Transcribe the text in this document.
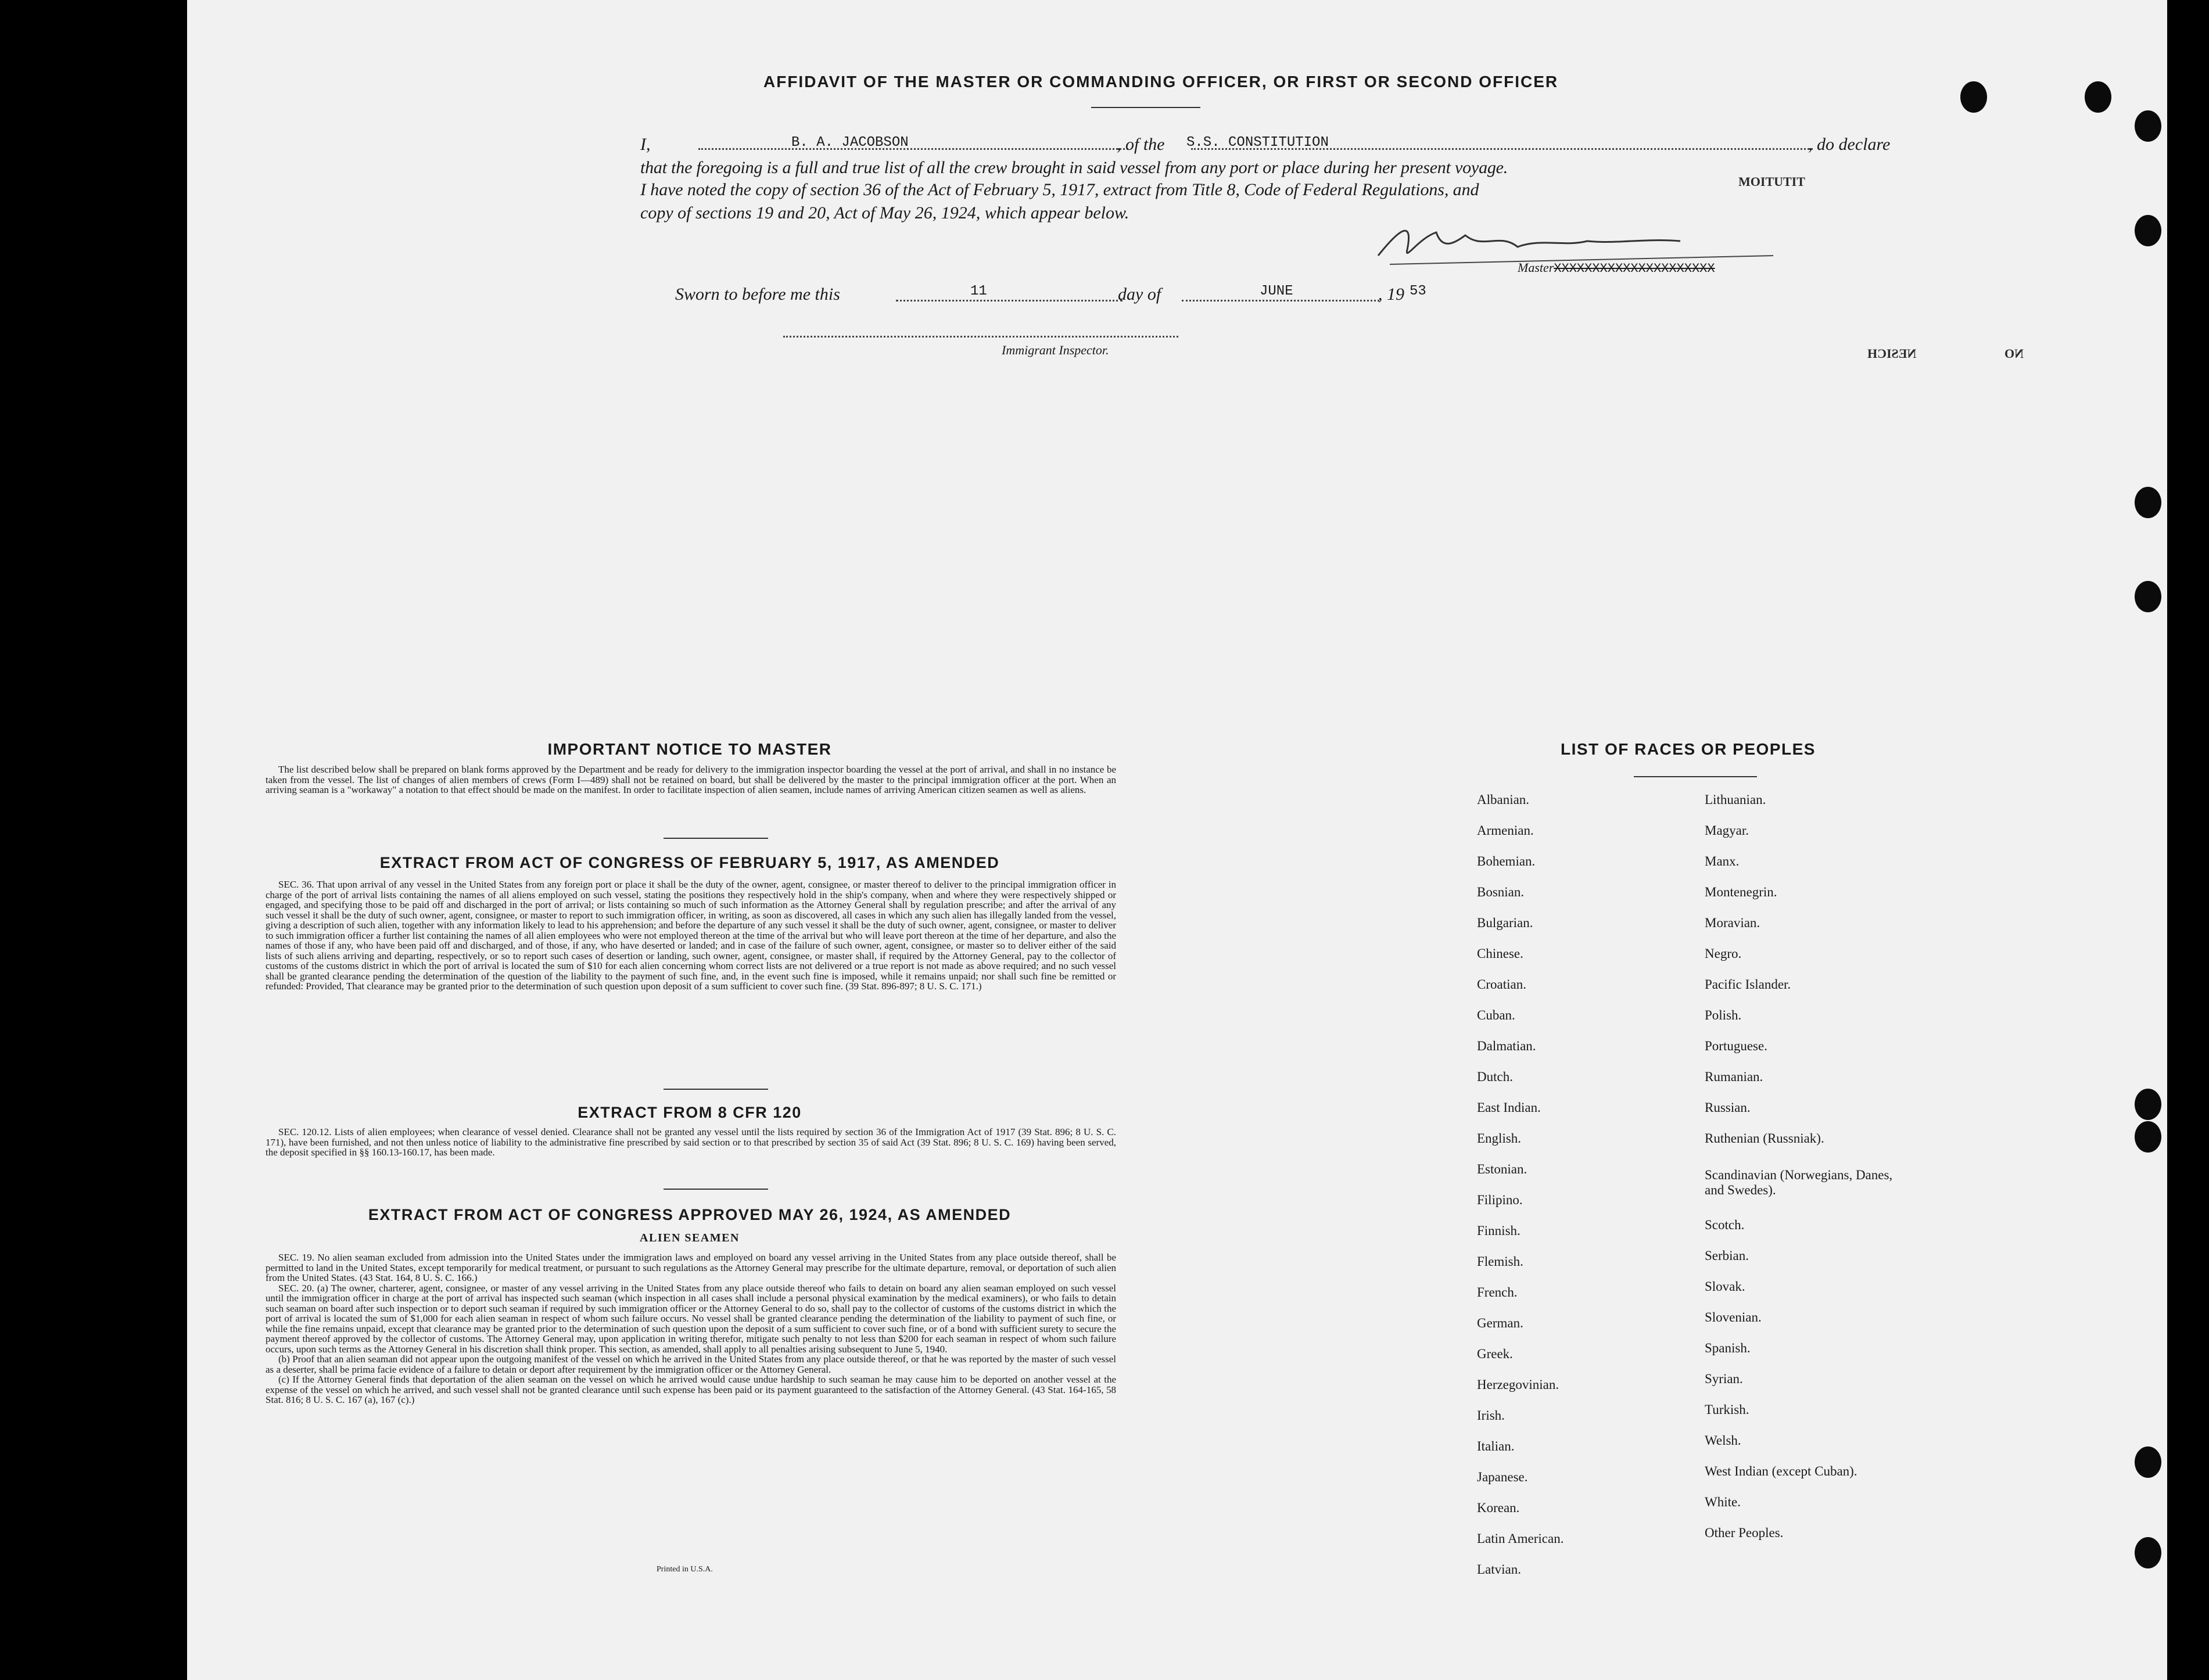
MOITUTIT
NESICH	NO
AFFIDAVIT OF THE MASTER OR COMMANDING OFFICER, OR FIRST OR SECOND OFFICER
I,	B. A. JACOBSON	, of the S.S. CONSTITUTION	, do declare
that the foregoing is a full and true list of all the crew brought in said vessel from any port or place during her present voyage.
I have noted the copy of section 36 of the Act of February 5, 1917, extract from Title 8, Code of Federal Regulations, and
copy of sections 19 and 20, Act of May 26, 1924, which appear below.
MasterXXXXXXXXXXXXXXXXXXXXX
Sworn to before me this	11	day of	JUNE	, 19 53
Immigrant Inspector.
IMPORTANT NOTICE TO MASTER

The list described below shall be prepared on blank forms approved by the Department and be ready for delivery to the immigration inspector boarding the vessel at the port of arrival, and shall in no instance be taken from the vessel. The list of changes of alien members of crews (Form I—489) shall not be retained on board, but shall be delivered by the master to the principal immigration officer at the port. When an arriving seaman is a "workaway" a notation to that effect should be made on the manifest. In order to facilitate inspection of alien seamen, include names of arriving American citizen seamen as well as aliens.

EXTRACT FROM ACT OF CONGRESS OF FEBRUARY 5, 1917, AS AMENDED

SEC. 36. That upon arrival of any vessel in the United States from any foreign port or place it shall be the duty of the owner, agent, consignee, or master thereof to deliver to the principal immigration officer in charge of the port of arrival lists containing the names of all aliens employed on such vessel, stating the positions they respectively hold in the ship's company, when and where they were respectively shipped or engaged, and specifying those to be paid off and discharged in the port of arrival; or lists containing so much of such information as the Attorney General shall by regulation prescribe; and after the arrival of any such vessel it shall be the duty of such owner, agent, consignee, or master to report to such immigration officer, in writing, as soon as discovered, all cases in which any such alien has illegally landed from the vessel, giving a description of such alien, together with any information likely to lead to his apprehension; and before the departure of any such vessel it shall be the duty of such owner, agent, consignee, or master to deliver to such immigration officer a further list containing the names of all alien employees who were not employed thereon at the time of the arrival but who will leave port thereon at the time of her departure, and also the names of those if any, who have been paid off and discharged, and of those, if any, who have deserted or landed; and in case of the failure of such owner, agent, consignee, or master so to deliver either of the said lists of such aliens arriving and departing, respectively, or so to report such cases of desertion or landing, such owner, agent, consignee, or master shall, if required by the Attorney General, pay to the collector of customs of the customs district in which the port of arrival is located the sum of $10 for each alien concerning whom correct lists are not delivered or a true report is not made as above required; and no such vessel shall be granted clearance pending the determination of the question of the liability to the payment of such fine, and, in the event such fine is imposed, while it remains unpaid; nor shall such fine be remitted or refunded: Provided, That clearance may be granted prior to the determination of such question upon deposit of a sum sufficient to cover such fine. (39 Stat. 896-897; 8 U. S. C. 171.)

EXTRACT FROM 8 CFR 120

SEC. 120.12. Lists of alien employees; when clearance of vessel denied. Clearance shall not be granted any vessel until the lists required by section 36 of the Immigration Act of 1917 (39 Stat. 896; 8 U. S. C. 171), have been furnished, and not then unless notice of liability to the administrative fine prescribed by said section or to that prescribed by section 35 of said Act (39 Stat. 896; 8 U. S. C. 169) having been served, the deposit specified in §§ 160.13-160.17, has been made.

EXTRACT FROM ACT OF CONGRESS APPROVED MAY 26, 1924, AS AMENDED
ALIEN SEAMEN

SEC. 19. No alien seaman excluded from admission into the United States under the immigration laws and employed on board any vessel arriving in the United States from any place outside thereof, shall be permitted to land in the United States, except temporarily for medical treatment, or pursuant to such regulations as the Attorney General may prescribe for the ultimate departure, removal, or deportation of such alien from the United States. (43 Stat. 164, 8 U. S. C. 166.)

SEC. 20. (a) The owner, charterer, agent, consignee, or master of any vessel arriving in the United States from any place outside thereof who fails to detain on board any alien seaman employed on such vessel until the immigration officer in charge at the port of arrival has inspected such seaman (which inspection in all cases shall include a personal physical examination by the medical examiners), or who fails to detain such seaman on board after such inspection or to deport such seaman if required by such immigration officer or the Attorney General to do so, shall pay to the collector of customs of the customs district in which the port of arrival is located the sum of $1,000 for each alien seaman in respect of whom such failure occurs. No vessel shall be granted clearance pending the determination of the liability to payment of such fine, or while the fine remains unpaid, except that clearance may be granted prior to the determination of such question upon the deposit of a sum sufficient to cover such fine, or of a bond with sufficient surety to secure the payment thereof approved by the collector of customs. The Attorney General may, upon application in writing therefor, mitigate such penalty to not less than $200 for each seaman in respect of whom such failure occurs, upon such terms as the Attorney General in his discretion shall think proper. This section, as amended, shall apply to all penalties arising subsequent to June 5, 1940.

(b) Proof that an alien seaman did not appear upon the outgoing manifest of the vessel on which he arrived in the United States from any place outside thereof, or that he was reported by the master of such vessel as a deserter, shall be prima facie evidence of a failure to detain or deport after requirement by the immigration officer or the Attorney General.

(c) If the Attorney General finds that deportation of the alien seaman on the vessel on which he arrived would cause undue hardship to such seaman he may cause him to be deported on another vessel at the expense of the vessel on which he arrived, and such vessel shall not be granted clearance until such expense has been paid or its payment guaranteed to the satisfaction of the Attorney General. (43 Stat. 164-165, 58 Stat. 816; 8 U. S. C. 167 (a), 167 (c).)

Printed in U.S.A.
LIST OF RACES OR PEOPLES
Albanian.
Armenian.
Bohemian.
Bosnian.
Bulgarian.
Chinese.
Croatian.
Cuban.
Dalmatian.
Dutch.
East Indian.
English.
Estonian.
Filipino.
Finnish.
Flemish.
French.
German.
Greek.
Herzegovinian.
Irish.
Italian.
Japanese.
Korean.
Latin American.
Latvian.
Lithuanian.
Magyar.
Manx.
Montenegrin.
Moravian.
Negro.
Pacific Islander.
Polish.
Portuguese.
Rumanian.
Russian.
Ruthenian (Russniak).
Scandinavian (Norwegians, Danes, and Swedes).
Scotch.
Serbian.
Slovak.
Slovenian.
Spanish.
Syrian.
Turkish.
Welsh.
West Indian (except Cuban).
White.
Other Peoples.
